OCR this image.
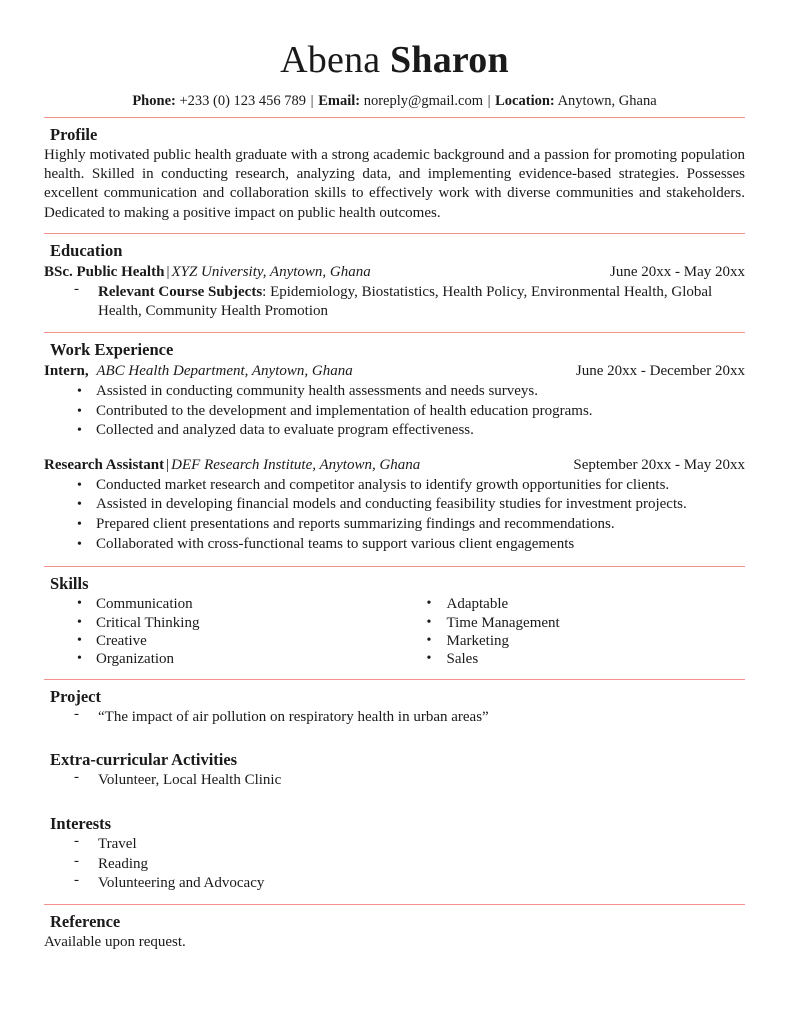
Abena Sharon
Phone: +233 (0) 123 456 789 | Email: noreply@gmail.com | Location: Anytown, Ghana
Profile

Highly motivated public health graduate with a strong academic background and a passion for promoting population health. Skilled in conducting research, analyzing data, and implementing evidence-based strategies. Possesses excellent communication and collaboration skills to effectively work with diverse communities and stakeholders. Dedicated to making a positive impact on public health outcomes.

Education
BSc. Public Health | XYZ University, Anytown, Ghana	June 20xx - May 20xx
- Relevant Course Subjects: Epidemiology, Biostatistics, Health Policy, Environmental Health, Global Health, Community Health Promotion
Work Experience
Intern, ABC Health Department, Anytown, Ghana	June 20xx - December 20xx
• Assisted in conducting community health assessments and needs surveys.
• Contributed to the development and implementation of health education programs.
• Collected and analyzed data to evaluate program effectiveness.
Research Assistant | DEF Research Institute, Anytown, Ghana	September 20xx - May 20xx
• Conducted market research and competitor analysis to identify growth opportunities for clients.
• Assisted in developing financial models and conducting feasibility studies for investment projects.
• Prepared client presentations and reports summarizing findings and recommendations.
• Collaborated with cross-functional teams to support various client engagements
Skills
• Communication
• Critical Thinking
• Creative
• Organization
• Adaptable
• Time Management
• Marketing
• Sales
Project
- “The impact of air pollution on respiratory health in urban areas”
Extra-curricular Activities
- Volunteer, Local Health Clinic
Interests
- Travel
- Reading
- Volunteering and Advocacy
Reference

Available upon request.
